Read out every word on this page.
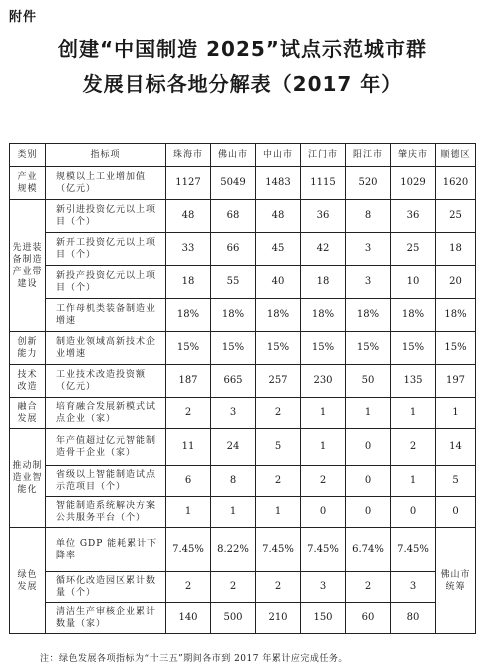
附件
创建“中国制造 2025”试点示范城市群
发展目标各地分解表（2017 年）
类别	指标项	珠海市	佛山市	中山市	江门市	阳江市	肇庆市	顺德区
产业
规模	规模以上工业增加值（亿元）	1127	5049	1483	1115	520	1029	1620
先进装
备制造
产业带
建设	新引进投资亿元以上项目（个）	48	68	48	36	8	36	25
	新开工投资亿元以上项目（个）	33	66	45	42	3	25	18
	新投产投资亿元以上项目（个）	18	55	40	18	3	10	20
	工作母机类装备制造业增速	18%	18%	18%	18%	18%	18%	18%
创新
能力	制造业领域高新技术企业增速	15%	15%	15%	15%	15%	15%	15%
技术
改造	工业技术改造投资额（亿元）	187	665	257	230	50	135	197
融合
发展	培育融合发展新模式试点企业（家）	2	3	2	1	1	1	1
推动制
造业智
能化	年产值超过亿元智能制造骨干企业（家）	11	24	5	1	0	2	14
	省级以上智能制造试点示范项目（个）	6	8	2	2	0	1	5
	智能制造系统解决方案公共服务平台（个）	1	1	1	0	0	0	0
绿色
发展	单位 GDP 能耗累计下降率	7.45%	8.22%	7.45%	7.45%	6.74%	7.45%	佛山市
统筹
	循环化改造园区累计数量（个）	2	2	2	3	2	3	
	清洁生产审核企业累计数量（家）	140	500	210	150	60	80	
注：绿色发展各项指标为“十三五”期间各市到 2017 年累计应完成任务。
